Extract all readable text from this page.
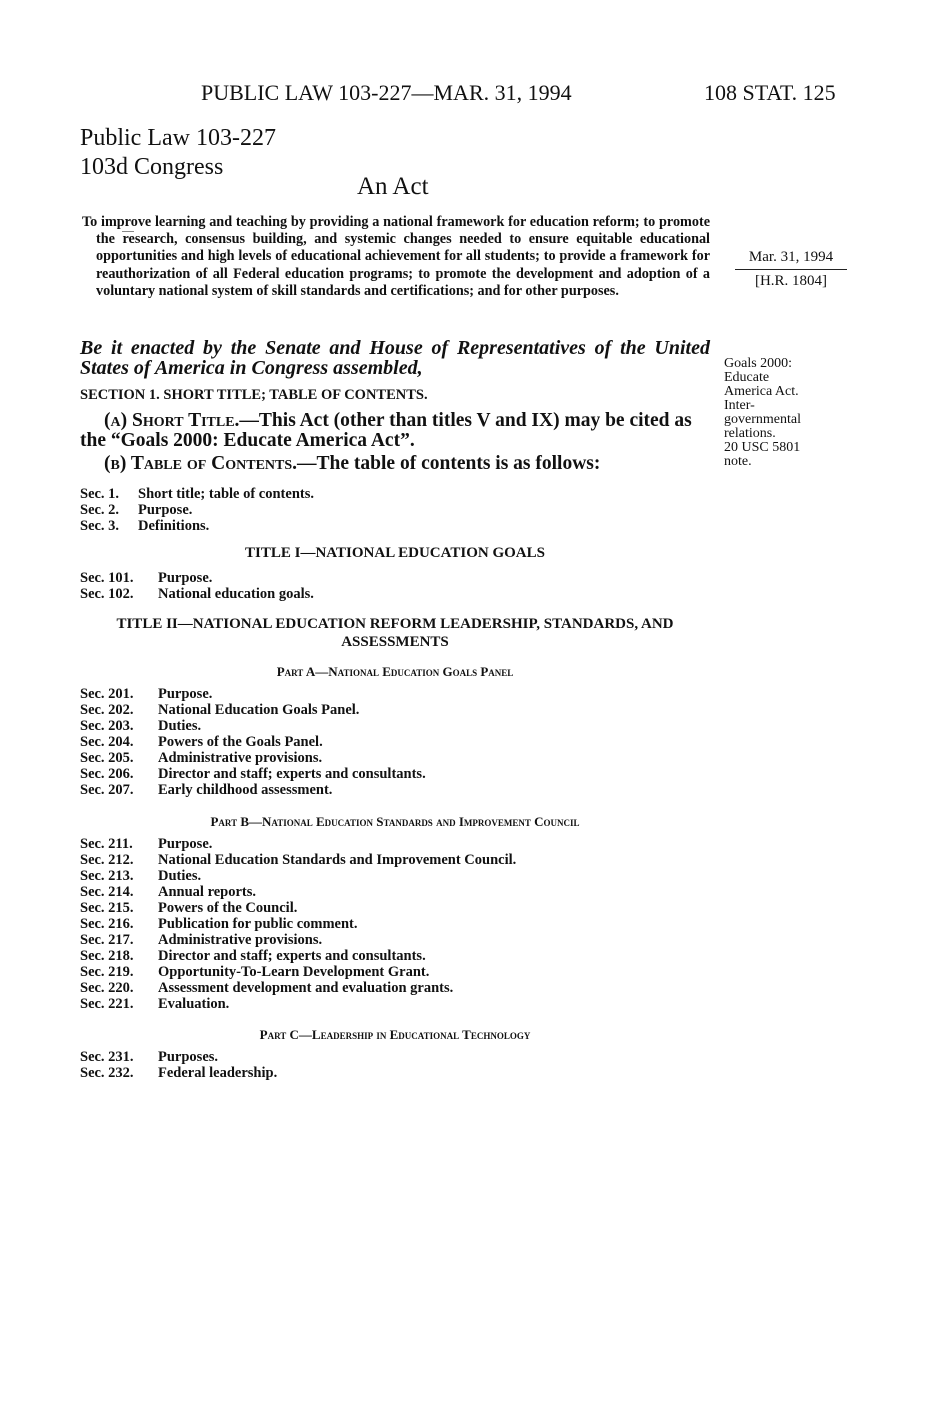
PUBLIC LAW 103-227—MAR. 31, 1994	108 STAT. 125
Public Law 103-227
103d Congress
An Act
To improve learning and teaching by providing a national framework for education reform; to promote the research, consensus building, and systemic changes needed to ensure equitable educational opportunities and high levels of educational achievement for all students; to provide a framework for reauthorization of all Federal education programs; to promote the development and adoption of a voluntary national system of skill standards and certifications; and for other purposes.
Mar. 31, 1994
[H.R. 1804]
Goals 2000:
Educate
America Act.
Inter-
governmental
relations.
20 USC 5801
note.
Be it enacted by the Senate and House of Representatives of the United States of America in Congress assembled,
SECTION 1. SHORT TITLE; TABLE OF CONTENTS.
(a) Short Title.—This Act (other than titles V and IX) may be cited as the “Goals 2000: Educate America Act”.
(b) Table of Contents.—The table of contents is as follows:
Sec. 1. Short title; table of contents.
Sec. 2. Purpose.
Sec. 3. Definitions.
TITLE I—NATIONAL EDUCATION GOALS
Sec. 101. Purpose.
Sec. 102. National education goals.
TITLE II—NATIONAL EDUCATION REFORM LEADERSHIP, STANDARDS, AND
ASSESSMENTS
Part A—National Education Goals Panel
Sec. 201. Purpose.
Sec. 202. National Education Goals Panel.
Sec. 203. Duties.
Sec. 204. Powers of the Goals Panel.
Sec. 205. Administrative provisions.
Sec. 206. Director and staff; experts and consultants.
Sec. 207. Early childhood assessment.
Part B—National Education Standards and Improvement Council
Sec. 211. Purpose.
Sec. 212. National Education Standards and Improvement Council.
Sec. 213. Duties.
Sec. 214. Annual reports.
Sec. 215. Powers of the Council.
Sec. 216. Publication for public comment.
Sec. 217. Administrative provisions.
Sec. 218. Director and staff; experts and consultants.
Sec. 219. Opportunity-To-Learn Development Grant.
Sec. 220. Assessment development and evaluation grants.
Sec. 221. Evaluation.
Part C—Leadership in Educational Technology
Sec. 231. Purposes.
Sec. 232. Federal leadership.
